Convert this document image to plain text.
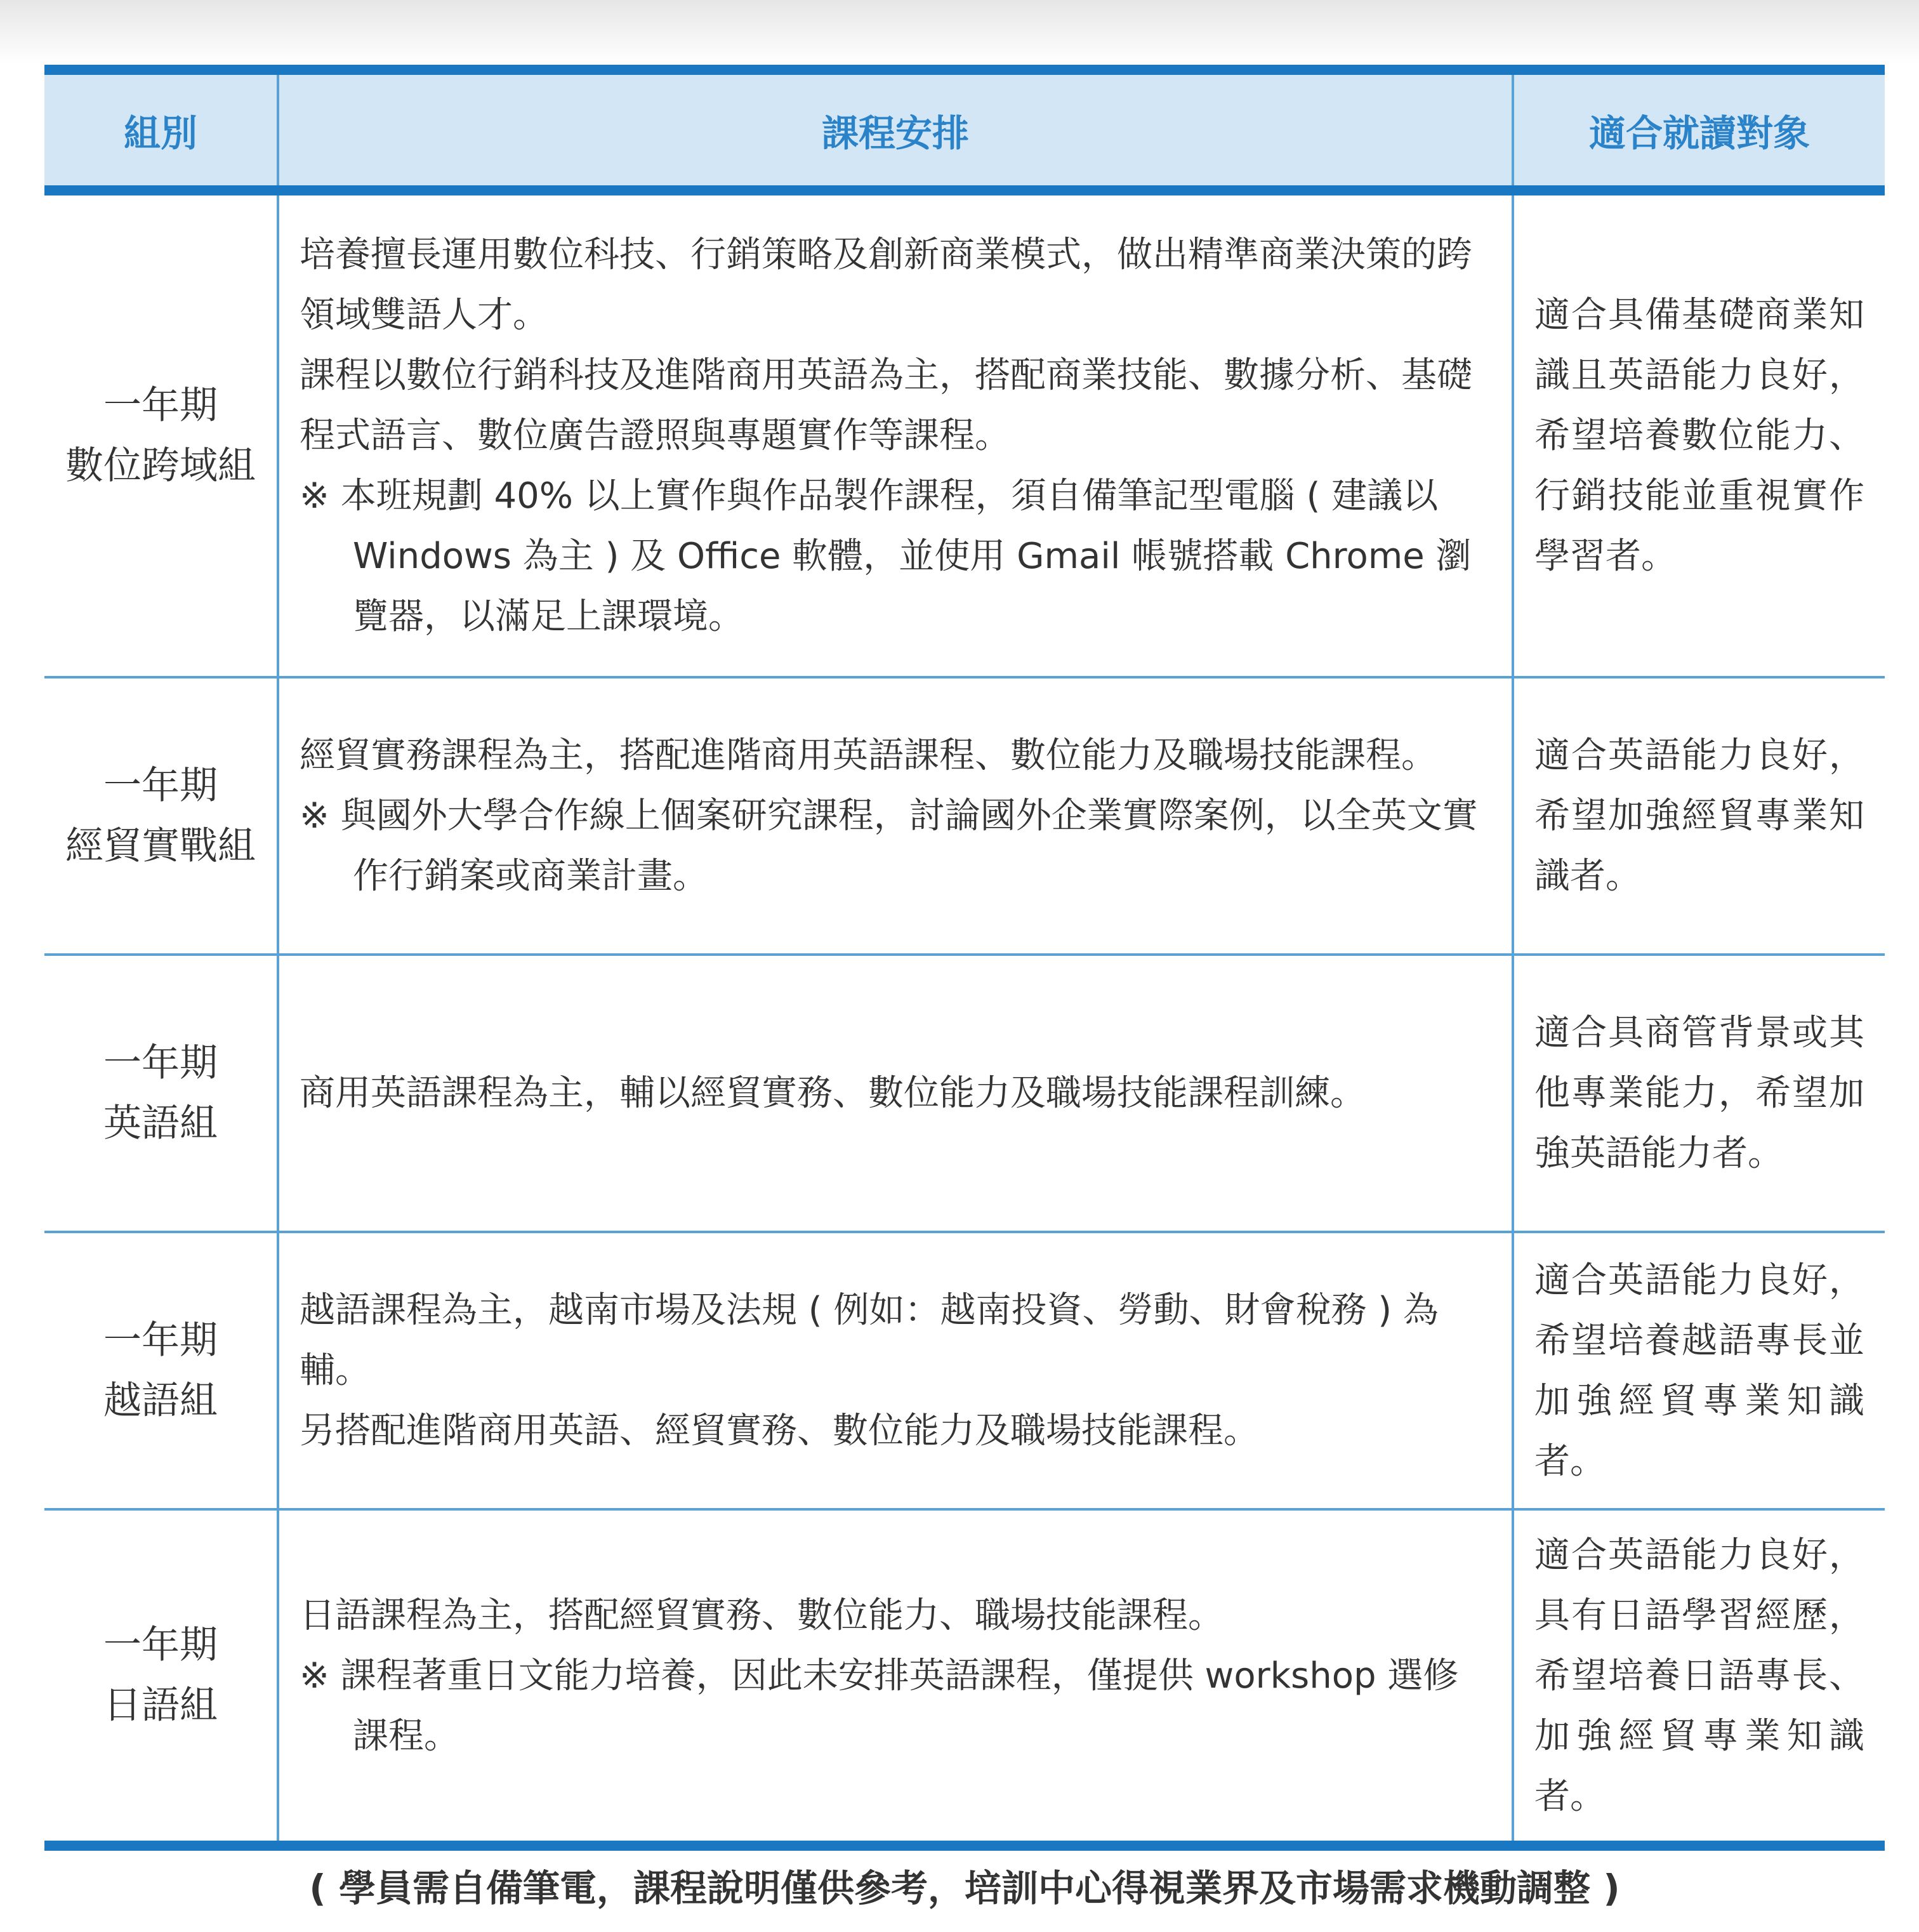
組別	課程安排	適合就讀對象

一年期
數位跨域組	培養擅長運用數位科技、行銷策略及創新商業模式，做出精準商業決策的跨領域雙語人才。
課程以數位行銷科技及進階商用英語為主，搭配商業技能、數據分析、基礎程式語言、數位廣告證照與專題實作等課程。
※ 本班規劃 40% 以上實作與作品製作課程，須自備筆記型電腦 ( 建議以 Windows 為主 ) 及 Office 軟體，並使用 Gmail 帳號搭載 Chrome 瀏覽器，以滿足上課環境。	適合具備基礎商業知識且英語能力良好，希望培養數位能力、行銷技能並重視實作學習者。

一年期
經貿實戰組	經貿實務課程為主，搭配進階商用英語課程、數位能力及職場技能課程。
※ 與國外大學合作線上個案研究課程，討論國外企業實際案例，以全英文實作行銷案或商業計畫。	適合英語能力良好，希望加強經貿專業知識者。

一年期
英語組	商用英語課程為主，輔以經貿實務、數位能力及職場技能課程訓練。	適合具商管背景或其他專業能力，希望加強英語能力者。

一年期
越語組	越語課程為主，越南市場及法規 ( 例如：越南投資、勞動、財會稅務 ) 為輔。
另搭配進階商用英語、經貿實務、數位能力及職場技能課程。	適合英語能力良好，希望培養越語專長並加強經貿專業知識者。

一年期
日語組	日語課程為主，搭配經貿實務、數位能力、職場技能課程。
※ 課程著重日文能力培養，因此未安排英語課程，僅提供 workshop 選修課程。	適合英語能力良好，具有日語學習經歷，希望培養日語專長、加強經貿專業知識者。
( 學員需自備筆電，課程說明僅供參考，培訓中心得視業界及市場需求機動調整 )
